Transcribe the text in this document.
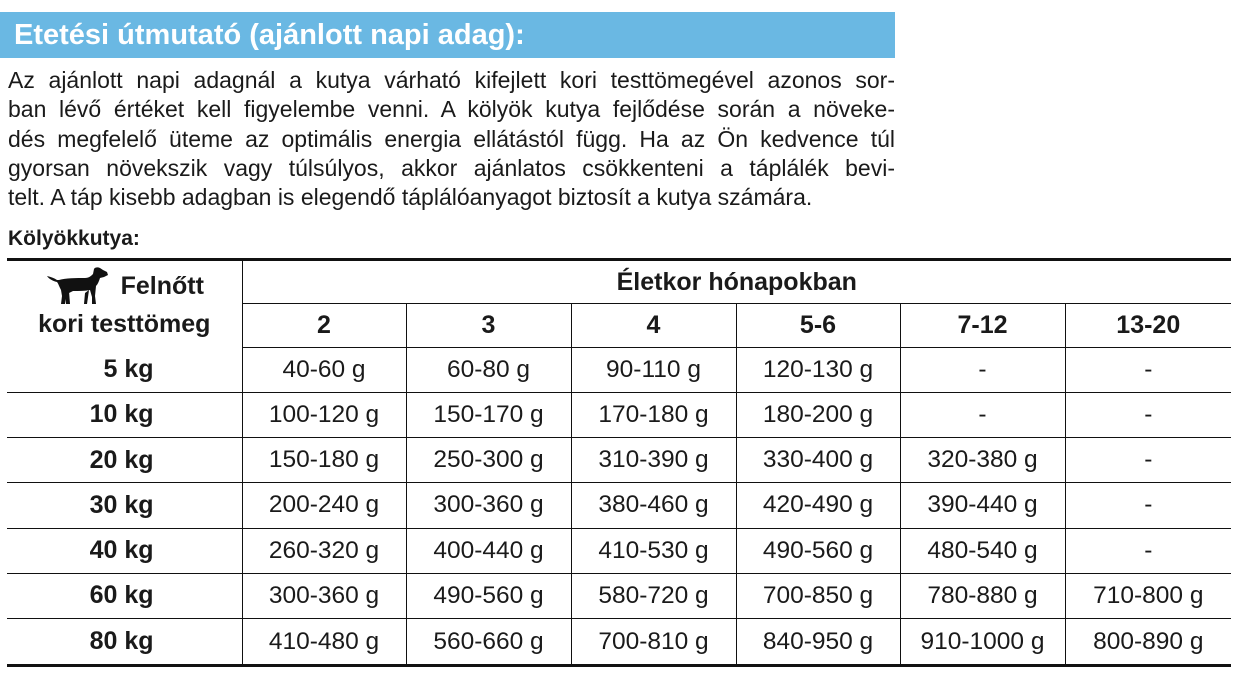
Etetési útmutató (ajánlott napi adag):
Az ajánlott napi adagnál a kutya várható kifejlett kori testtömegével azonos sor-
ban lévő értéket kell figyelembe venni. A kölyök kutya fejlődése során a növeke-
dés megfelelő üteme az optimális energia ellátástól függ. Ha az Ön kedvence túl
gyorsan növekszik vagy túlsúlyos, akkor ajánlatos csökkenteni a táplálék bevi-
telt. A táp kisebb adagban is elegendő táplálóanyagot biztosít a kutya számára.
Kölyökkutya:
Felnőtt
kori testtömeg	Életkor hónapokban					
	2	3	4	5-6	7-12	13-20
5 kg	40-60 g	60-80 g	90-110 g	120-130 g	-	-
10 kg	100-120 g	150-170 g	170-180 g	180-200 g	-	-
20 kg	150-180 g	250-300 g	310-390 g	330-400 g	320-380 g	-
30 kg	200-240 g	300-360 g	380-460 g	420-490 g	390-440 g	-
40 kg	260-320 g	400-440 g	410-530 g	490-560 g	480-540 g	-
60 kg	300-360 g	490-560 g	580-720 g	700-850 g	780-880 g	710-800 g
80 kg	410-480 g	560-660 g	700-810 g	840-950 g	910-1000 g	800-890 g
